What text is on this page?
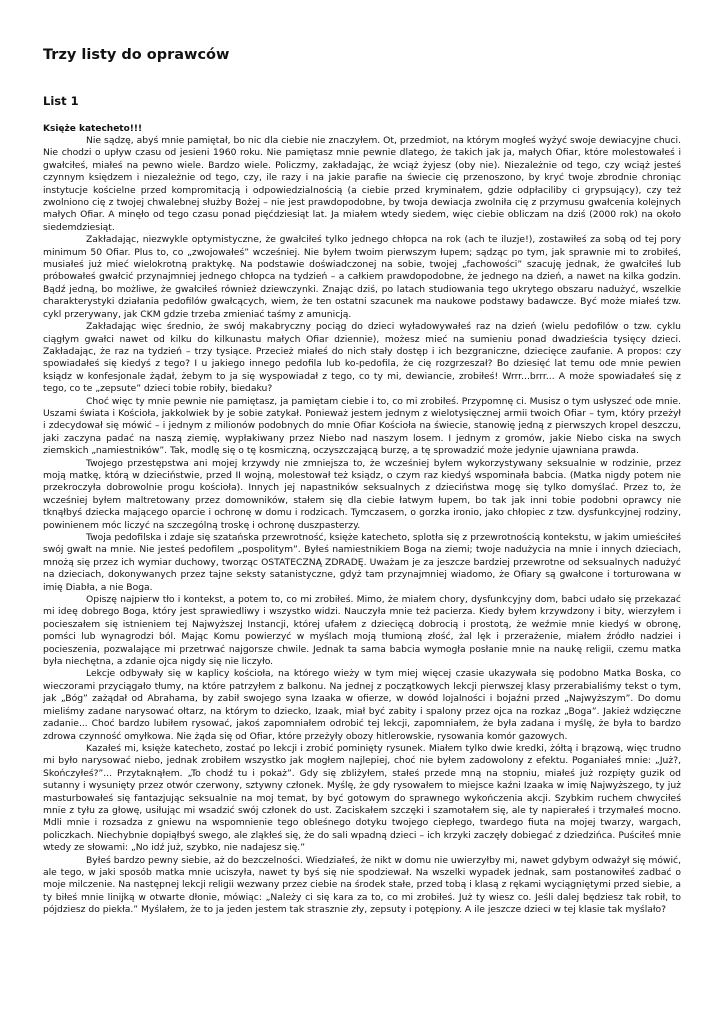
Trzy listy do oprawców
List 1
Księże katecheto!!!

Nie sądzę, abyś mnie pamiętał, bo nic dla ciebie nie znaczyłem. Ot, przedmiot, na którym mogłeś wyżyć swoje dewiacyjne chuci. Nie chodzi o upływ czasu od jesieni 1960 roku. Nie pamiętasz mnie pewnie dlatego, że takich jak ja, małych Ofiar, które molestowałeś i gwałciłeś, miałeś na pewno wiele. Bardzo wiele. Policzmy, zakładając, że wciąż żyjesz (oby nie). Niezależnie od tego, czy wciąż jesteś czynnym księdzem i niezależnie od tego, czy, ile razy i na jakie parafie na świecie cię przenoszono, by kryć twoje zbrodnie chroniąc instytucje kościelne przed kompromitacją i odpowiedzialnością (a ciebie przed kryminałem, gdzie odpłaciliby ci grypsujący), czy też zwolniono cię z twojej chwalebnej służby Bożej – nie jest prawdopodobne, by twoja dewiacja zwolniła cię z przymusu gwałcenia kolejnych małych Ofiar. A minęło od tego czasu ponad pięćdziesiąt lat. Ja miałem wtedy siedem, więc ciebie obliczam na dziś (2000 rok) na około siedemdziesiąt.

Zakładając, niezwykle optymistyczne, że gwałciłeś tylko jednego chłopca na rok (ach te iluzje!), zostawiłeś za sobą od tej pory minimum 50 Ofiar. Plus to, co „zwojowałeś” wcześniej. Nie byłem twoim pierwszym łupem; sądząc po tym, jak sprawnie mi to zrobiłeś, musiałeś już mieć wielokrotną praktykę. Na podstawie doświadczonej na sobie, twojej „fachowości” szacuję jednak, że gwałciłeś lub próbowałeś gwałcić przynajmniej jednego chłopca na tydzień – a całkiem prawdopodobne, że jednego na dzień, a nawet na kilka godzin. Bądź jedną, bo możliwe, że gwałciłeś również dziewczynki. Znając dziś, po latach studiowania tego ukrytego obszaru nadużyć, wszelkie charakterystyki działania pedofilów gwałcących, wiem, że ten ostatni szacunek ma naukowe podstawy badawcze. Być może miałeś tzw. cykl przerywany, jak CKM gdzie trzeba zmieniać taśmy z amunicją.

Zakładając więc średnio, że swój makabryczny pociąg do dzieci wyładowywałeś raz na dzień (wielu pedofilów o tzw. cyklu ciągłym gwałci nawet od kilku do kilkunastu małych Ofiar dziennie), możesz mieć na sumieniu ponad dwadzieścia tysięcy dzieci. Zakładając, że raz na tydzień – trzy tysiące. Przecież miałeś do nich stały dostęp i ich bezgraniczne, dziecięce zaufanie. A propos: czy spowiadałeś się kiedyś z tego? I u jakiego innego pedofila lub ko-pedofila, że cię rozgrzeszał? Bo dziesięć lat temu ode mnie pewien ksiądz w konfesjonale żądał, żebym to ja się wyspowiadał z tego, co ty mi, dewiancie, zrobiłeś! Wrrr...brrr... A może spowiadałeś się z tego, co te „zepsute” dzieci tobie robiły, biedaku?

Choć więc ty mnie pewnie nie pamiętasz, ja pamiętam ciebie i to, co mi zrobiłeś. Przypomnę ci. Musisz o tym usłyszeć ode mnie. Uszami świata i Kościoła, jakkolwiek by je sobie zatykał. Ponieważ jestem jednym z wielotysięcznej armii twoich Ofiar – tym, który przeżył i zdecydował się mówić – i jednym z milionów podobnych do mnie Ofiar Kościoła na świecie, stanowię jedną z pierwszych kropel deszczu, jaki zaczyna padać na naszą ziemię, wypłakiwany przez Niebo nad naszym losem. I jednym z gromów, jakie Niebo ciska na swych ziemskich „namiestników”. Tak, modlę się o tę kosmiczną, oczyszczającą burzę, a tę sprowadzić może jedynie ujawniana prawda.

Twojego przestępstwa ani mojej krzywdy nie zmniejsza to, że wcześniej byłem wykorzystywany seksualnie w rodzinie, przez moją matkę, którą w dzieciństwie, przed II wojną, molestował też ksiądz, o czym raz kiedyś wspominała babcia. (Matka nigdy potem nie przekroczyła dobrowolnie progu kościoła). Innych jej napastników seksualnych z dzieciństwa mogę się tylko domyślać. Przez to, że wcześniej byłem maltretowany przez domowników, stałem się dla ciebie łatwym łupem, bo tak jak inni tobie podobni oprawcy nie tknąłbyś dziecka mającego oparcie i ochronę w domu i rodzicach. Tymczasem, o gorzka ironio, jako chłopiec z tzw. dysfunkcyjnej rodziny, powinienem móc liczyć na szczególną troskę i ochronę duszpasterzy.

Twoja pedofilska i zdaje się szatańska przewrotność, księże katecheto, splotła się z przewrotnością kontekstu, w jakim umieściłeś swój gwałt na mnie. Nie jesteś pedofilem „pospolitym”. Byłeś namiestnikiem Boga na ziemi; twoje nadużycia na mnie i innych dzieciach, mnożą się przez ich wymiar duchowy, tworząc OSTATECZNĄ ZDRADĘ. Uważam je za jeszcze bardziej przewrotne od seksualnych nadużyć na dzieciach, dokonywanych przez tajne seksty satanistyczne, gdyż tam przynajmniej wiadomo, że Ofiary są gwałcone i torturowana w imię Diabła, a nie Boga.

Opiszę najpierw tło i kontekst, a potem to, co mi zrobiłeś. Mimo, że miałem chory, dysfunkcyjny dom, babci udało się przekazać mi ideę dobrego Boga, który jest sprawiedliwy i wszystko widzi. Nauczyła mnie też pacierza. Kiedy byłem krzywdzony i bity, wierzyłem i pocieszałem się istnieniem tej Najwyższej Instancji, której ufałem z dziecięcą dobrocią i prostotą, że weźmie mnie kiedyś w obronę, pomści lub wynagrodzi ból. Mając Komu powierzyć w myślach moją tłumioną złość, żal lęk i przerażenie, miałem źródło nadziei i pocieszenia, pozwalające mi przetrwać najgorsze chwile. Jednak ta sama babcia wymogła posłanie mnie na naukę religii, czemu matka była niechętna, a zdanie ojca nigdy się nie liczyło.

Lekcje odbywały się w kaplicy kościoła, na którego wieży w tym miej więcej czasie ukazywała się podobno Matka Boska, co wieczorami przyciągało tłumy, na które patrzyłem z balkonu. Na jednej z początkowych lekcji pierwszej klasy przerabialiśmy tekst o tym, jak „Bóg” zażądał od Abrahama, by zabił swojego syna Izaaka w ofierze, w dowód lojalności i bojaźni przed „Najwyższym”. Do domu mieliśmy zadane narysować ołtarz, na którym to dziecko, Izaak, miał być zabity i spalony przez ojca na rozkaz „Boga”. Jakież wdzięczne zadanie... Choć bardzo lubiłem rysować, jakoś zapomniałem odrobić tej lekcji, zapomniałem, że była zadana i myślę, że była to bardzo zdrowa czynność omyłkowa. Nie żąda się od Ofiar, które przeżyły obozy hitlerowskie, rysowania komór gazowych.

Kazałeś mi, księże katecheto, zostać po lekcji i zrobić pominięty rysunek. Miałem tylko dwie kredki, żółtą i brązową, więc trudno mi było narysować niebo, jednak zrobiłem wszystko jak mogłem najlepiej, choć nie byłem zadowolony z efektu. Poganiałeś mnie: „Już?, Skończyłeś?”... Przytaknąłem. „To chodź tu i pokaż”. Gdy się zbliżyłem, stałeś przede mną na stopniu, miałeś już rozpięty guzik od sutanny i wysunięty przez otwór czerwony, sztywny członek. Myślę, że gdy rysowałem to miejsce kaźni Izaaka w imię Najwyższego, ty już masturbowałeś się fantazjując seksualnie na moj temat, by być gotowym do sprawnego wykończenia akcji. Szybkim ruchem chwyciłeś mnie z tyłu za głowę, usiłując mi wsadzić swój członek do ust. Zaciskałem szczęki i szamotałem się, ale ty napierałeś i trzymałeś mocno. Mdli mnie i rozsadza z gniewu na wspomnienie tego obleśnego dotyku twojego ciepłego, twardego fiuta na mojej twarzy, wargach, policzkach. Niechybnie dopiąłbyś swego, ale zląkłeś się, że do sali wpadną dzieci – ich krzyki zaczęły dobiegać z dziedzińca. Puściłeś mnie wtedy ze słowami: „No idź już, szybko, nie nadajesz się.”

Byłeś bardzo pewny siebie, aż do bezczelności. Wiedziałeś, że nikt w domu nie uwierzyłby mi, nawet gdybym odważył się mówić, ale tego, w jaki sposób matka mnie uciszyła, nawet ty byś się nie spodziewał. Na wszelki wypadek jednak, sam postanowiłeś zadbać o moje milczenie. Na następnej lekcji religii wezwany przez ciebie na środek stałe, przed tobą i klasą z rękami wyciągniętymi przed siebie, a ty biłeś mnie linijką w otwarte dłonie, mówiąc: „Należy ci się kara za to, co mi zrobiłeś. Już ty wiesz co. Jeśli dalej będziesz tak robił, to pójdziesz do piekła.” Myślałem, że to ja jeden jestem tak strasznie zły, zepsuty i potępiony. A ile jeszcze dzieci w tej klasie tak myślało?
